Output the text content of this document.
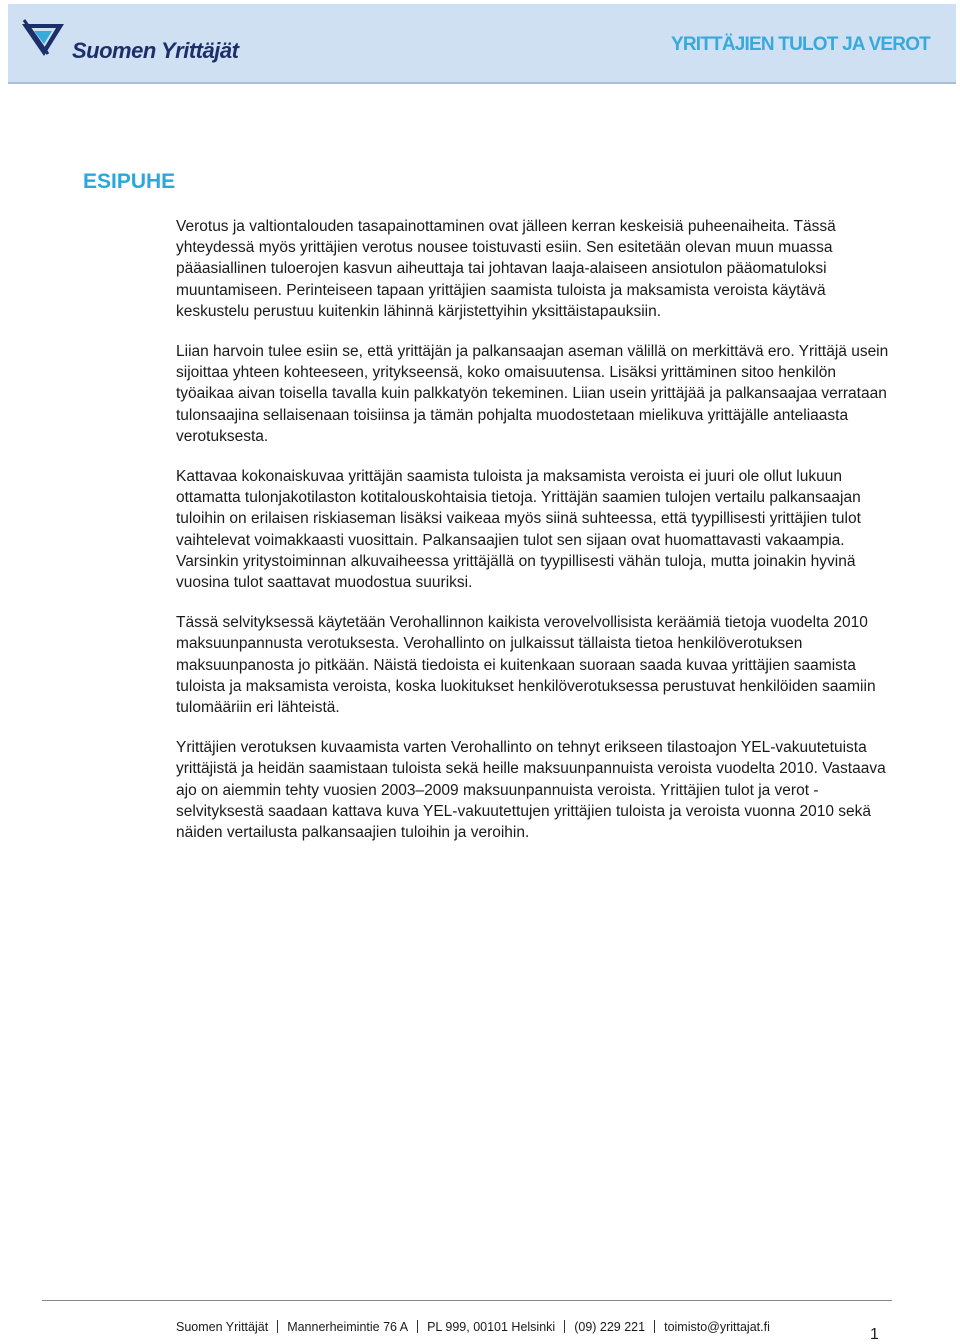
Suomen Yrittäjät	YRITTÄJIEN TULOT JA VEROT
ESIPUHE

Verotus ja valtiontalouden tasapainottaminen ovat jälleen kerran keskeisiä puheenaiheita. Tässä yhteydessä myös yrittäjien verotus nousee toistuvasti esiin. Sen esitetään olevan muun muassa pääasiallinen tuloerojen kasvun aiheuttaja tai johtavan laaja-alaiseen ansiotulon pääomatuloksi muuntamiseen. Perinteiseen tapaan yrittäjien saamista tuloista ja maksamista veroista käytävä keskustelu perustuu kuitenkin lähinnä kärjistettyihin yksittäistapauksiin.

Liian harvoin tulee esiin se, että yrittäjän ja palkansaajan aseman välillä on merkittävä ero. Yrittäjä usein sijoittaa yhteen kohteeseen, yritykseensä, koko omaisuutensa. Lisäksi yrittäminen sitoo henkilön työaikaa aivan toisella tavalla kuin palkkatyön tekeminen. Liian usein yrittäjää ja palkansaajaa verrataan tulonsaajina sellaisenaan toisiinsa ja tämän pohjalta muodostetaan mielikuva yrittäjälle anteliaasta verotuksesta.

Kattavaa kokonaiskuvaa yrittäjän saamista tuloista ja maksamista veroista ei juuri ole ollut lukuun ottamatta tulonjakotilaston kotitalouskohtaisia tietoja. Yrittäjän saamien tulojen vertailu palkansaajan tuloihin on erilaisen riskiaseman lisäksi vaikeaa myös siinä suhteessa, että tyypillisesti yrittäjien tulot vaihtelevat voimakkaasti vuosittain. Palkansaajien tulot sen sijaan ovat huomattavasti vakaampia. Varsinkin yritystoiminnan alkuvaiheessa yrittäjällä on tyypillisesti vähän tuloja, mutta joinakin hyvinä vuosina tulot saattavat muodostua suuriksi.

Tässä selvityksessä käytetään Verohallinnon kaikista verovelvollisista keräämiä tietoja vuodelta 2010 maksuunpannusta verotuksesta. Verohallinto on julkaissut tällaista tietoa henkilöverotuksen maksuunpanosta jo pitkään. Näistä tiedoista ei kuitenkaan suoraan saada kuvaa yrittäjien saamista tuloista ja maksamista veroista, koska luokitukset henkilöverotuksessa perustuvat henkilöiden saamiin tulomääriin eri lähteistä.

Yrittäjien verotuksen kuvaamista varten Verohallinto on tehnyt erikseen tilastoajon YEL-vakuutetuista yrittäjistä ja heidän saamistaan tuloista sekä heille maksuunpannuista veroista vuodelta 2010. Vastaava ajo on aiemmin tehty vuosien 2003–2009 maksuunpannuista veroista. Yrittäjien tulot ja verot -selvityksestä saadaan kattava kuva YEL-vakuutettujen yrittäjien tuloista ja veroista vuonna 2010 sekä näiden vertailusta palkansaajien tuloihin ja veroihin.

Suomen Yrittäjät Mannerheimintie 76 A PL 999, 00101 Helsinki (09) 229 221 toimisto@yrittajat.fi	1
